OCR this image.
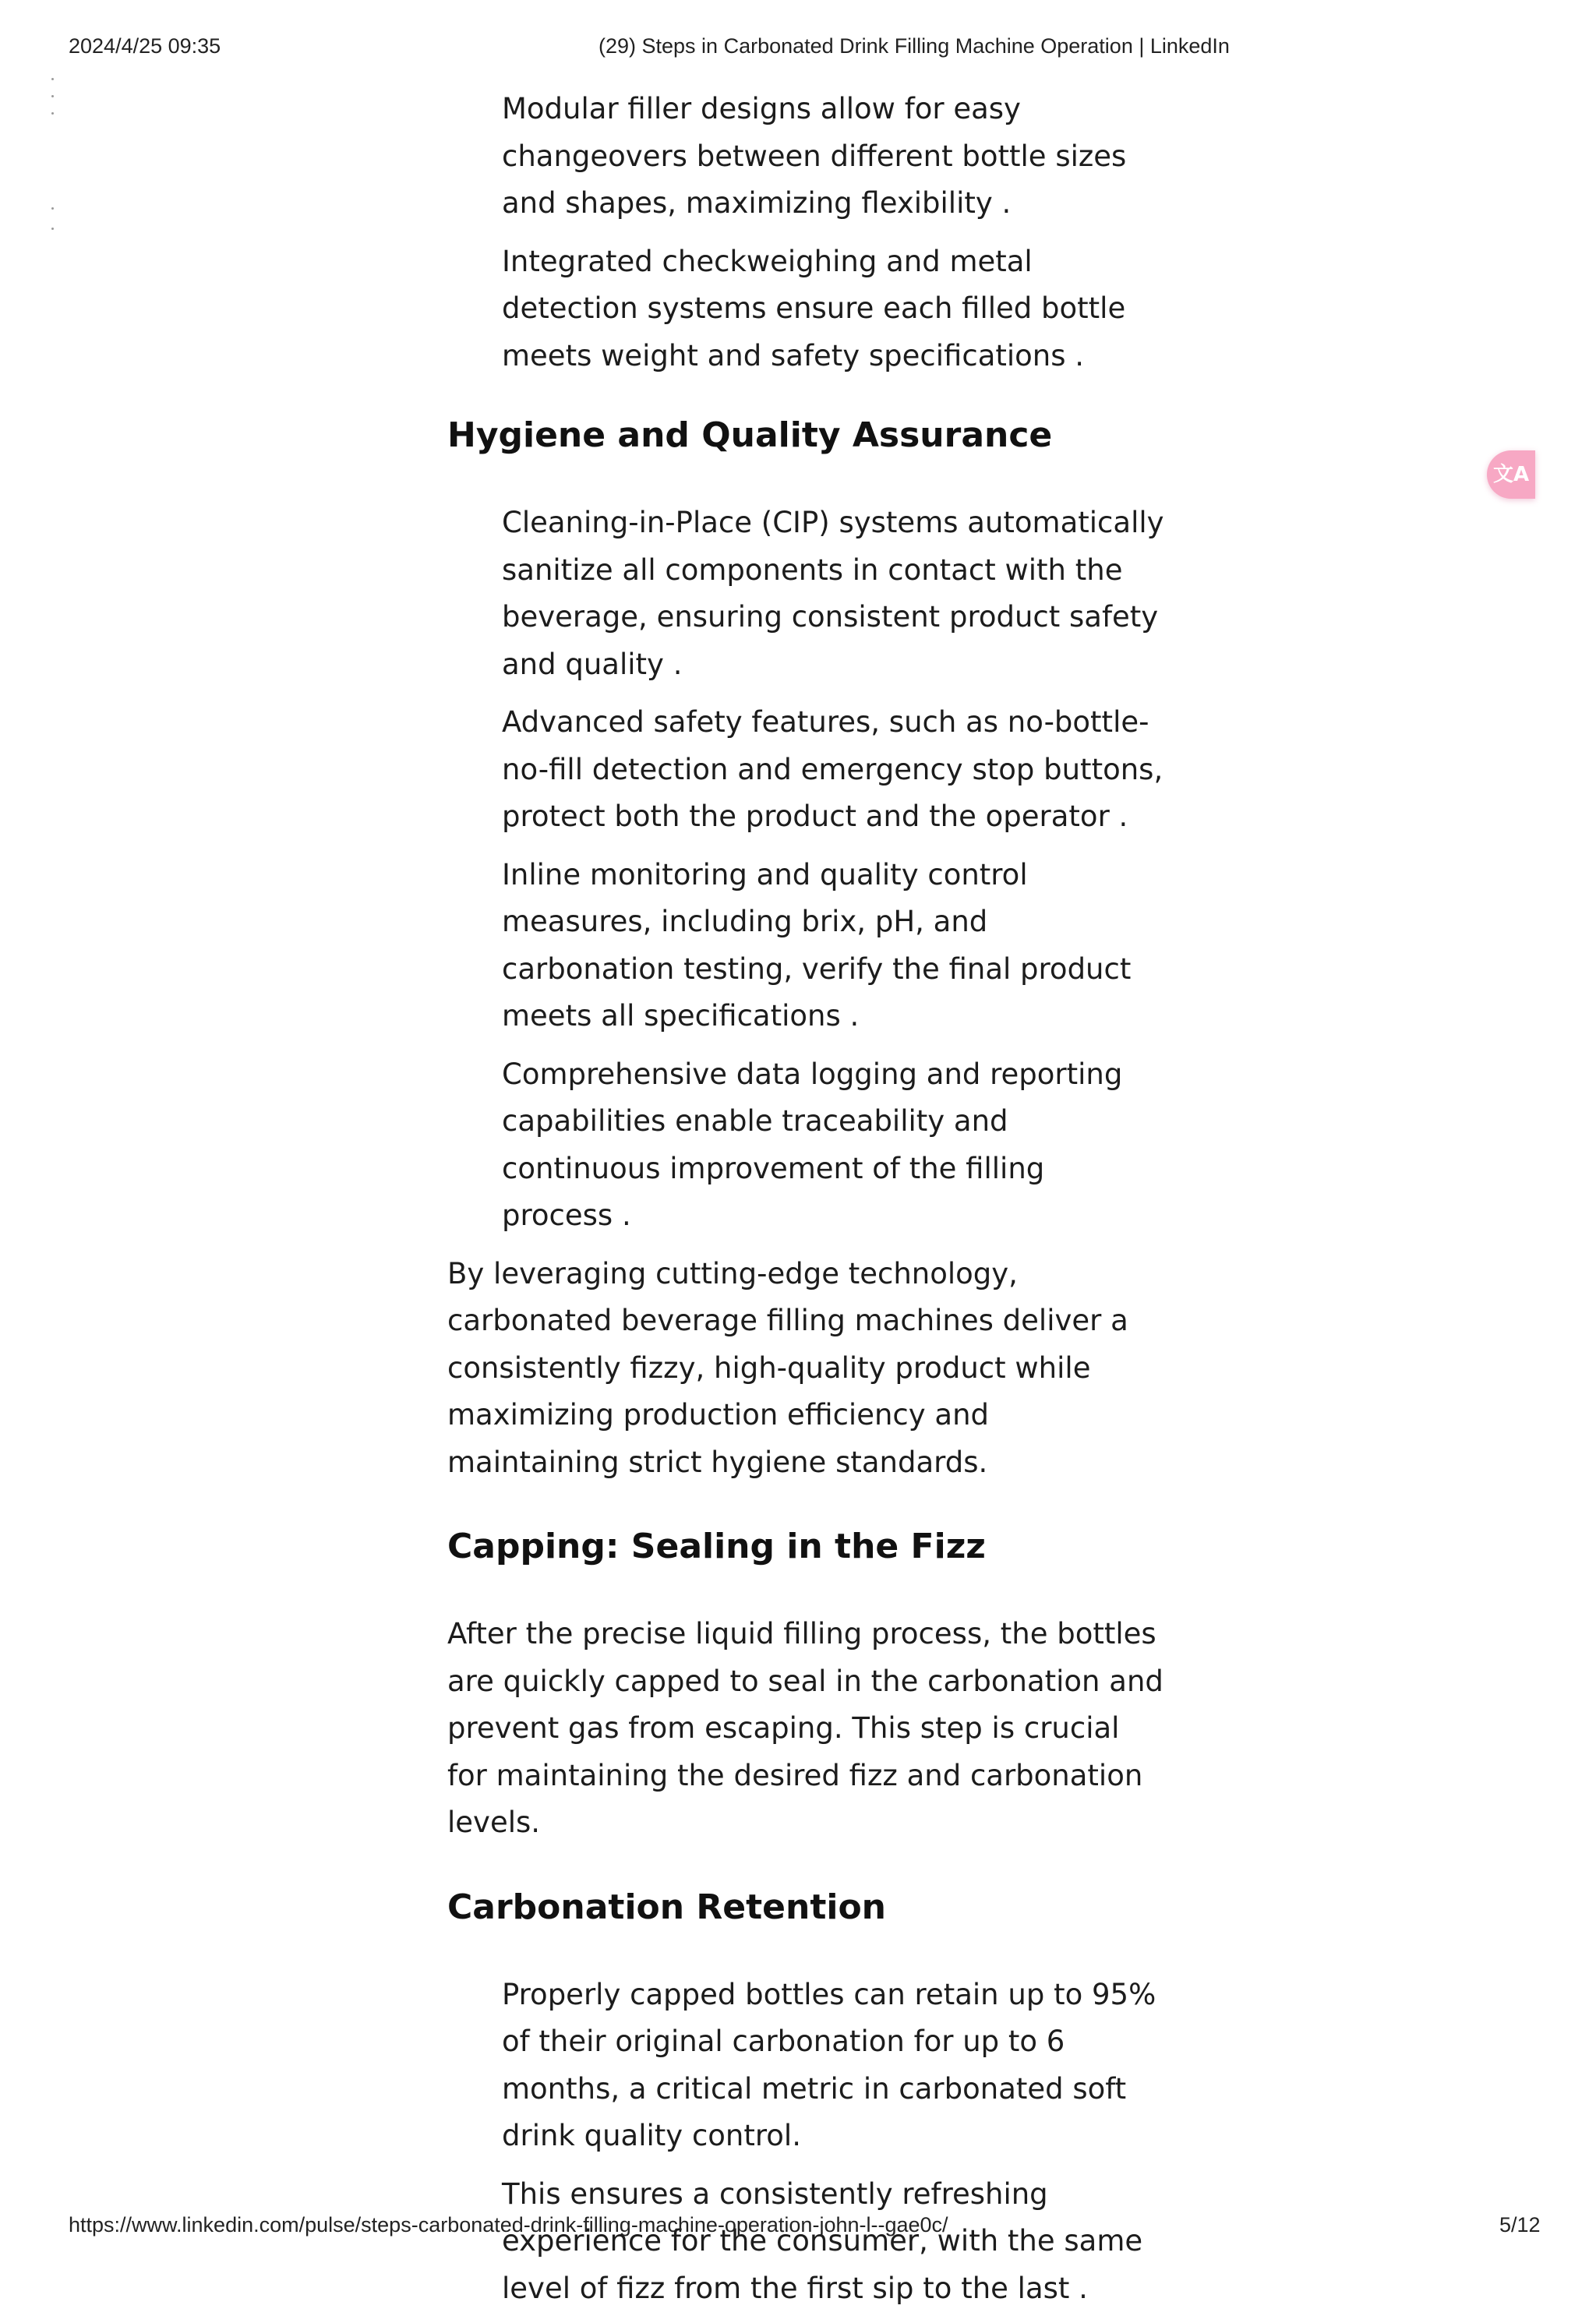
2024/4/25 09:35	(29) Steps in Carbonated Drink Filling Machine Operation | LinkedIn
文A

Modular filler designs allow for easy changeovers between different bottle sizes and shapes, maximizing flexibility .

Integrated checkweighing and metal detection systems ensure each filled bottle meets weight and safety specifications .

Hygiene and Quality Assurance

Cleaning-in-Place (CIP) systems automatically sanitize all components in contact with the beverage, ensuring consistent product safety and quality .

Advanced safety features, such as no-bottle-no-fill detection and emergency stop buttons, protect both the product and the operator .

Inline monitoring and quality control measures, including brix, pH, and carbonation testing, verify the final product meets all specifications .

Comprehensive data logging and reporting capabilities enable traceability and continuous improvement of the filling process .

By leveraging cutting-edge technology, carbonated beverage filling machines deliver a consistently fizzy, high-quality product while maximizing production efficiency and maintaining strict hygiene standards.

Capping: Sealing in the Fizz

After the precise liquid filling process, the bottles are quickly capped to seal in the carbonation and prevent gas from escaping. This step is crucial for maintaining the desired fizz and carbonation levels.

Carbonation Retention

Properly capped bottles can retain up to 95% of their original carbonation for up to 6 months, a critical metric in carbonated soft drink quality control.

This ensures a consistently refreshing experience for the consumer, with the same level of fizz from the first sip to the last .

https://www.linkedin.com/pulse/steps-carbonated-drink-filling-machine-operation-john-l--gae0c/	5/12
